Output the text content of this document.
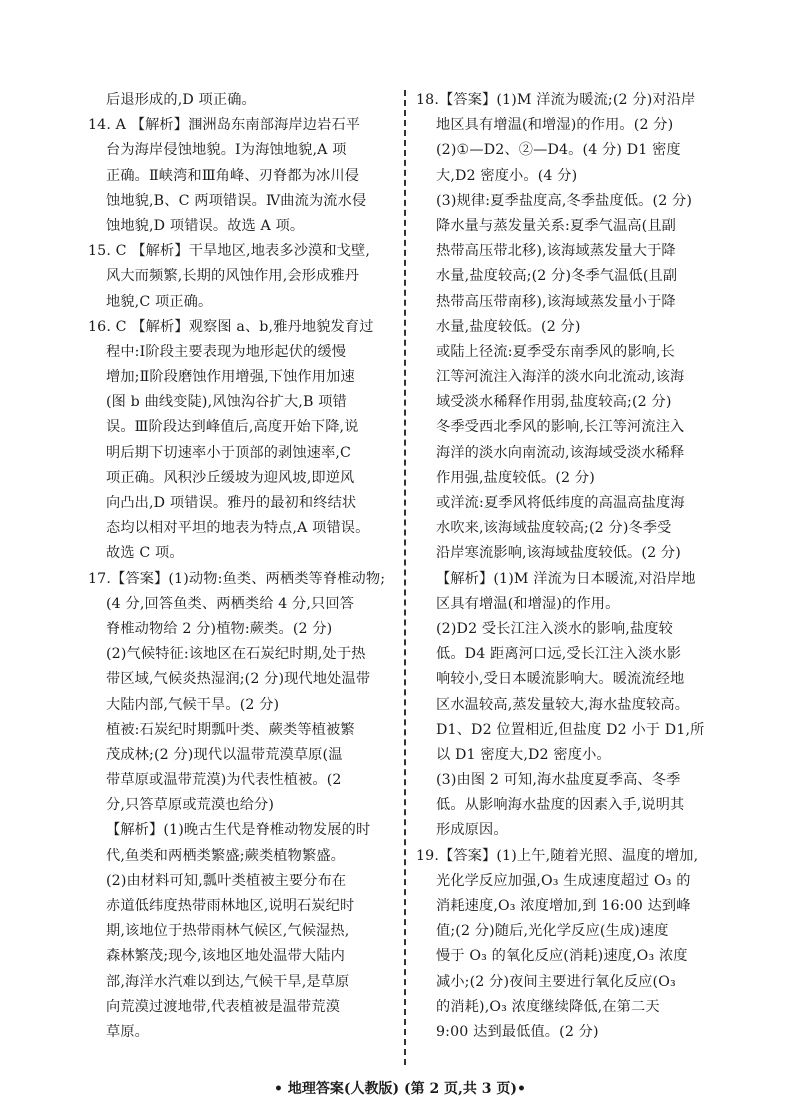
后退形成的,D 项正确。
14. A 【解析】涠洲岛东南部海岸边岩石平
台为海岸侵蚀地貌。Ⅰ为海蚀地貌,A 项
正确。Ⅱ峡湾和Ⅲ角峰、刃脊都为冰川侵
蚀地貌,B、C 两项错误。Ⅳ曲流为流水侵
蚀地貌,D 项错误。故选 A 项。
15. C 【解析】干旱地区,地表多沙漠和戈壁,
风大而频繁,长期的风蚀作用,会形成雅丹
地貌,C 项正确。
16. C 【解析】观察图 a、b,雅丹地貌发育过
程中:Ⅰ阶段主要表现为地形起伏的缓慢
增加;Ⅱ阶段磨蚀作用增强,下蚀作用加速
(图 b 曲线变陡),风蚀沟谷扩大,B 项错
误。Ⅲ阶段达到峰值后,高度开始下降,说
明后期下切速率小于顶部的剥蚀速率,C
项正确。风积沙丘缓坡为迎风坡,即逆风
向凸出,D 项错误。雅丹的最初和终结状
态均以相对平坦的地表为特点,A 项错误。
故选 C 项。
17.【答案】(1)动物:鱼类、两栖类等脊椎动物;
(4 分,回答鱼类、两栖类给 4 分,只回答
脊椎动物给 2 分)植物:蕨类。(2 分)
(2)气候特征:该地区在石炭纪时期,处于热
带区域,气候炎热湿润;(2 分)现代地处温带
大陆内部,气候干旱。(2 分)
植被:石炭纪时期瓢叶类、蕨类等植被繁
茂成林;(2 分)现代以温带荒漠草原(温
带草原或温带荒漠)为代表性植被。(2
分,只答草原或荒漠也给分)
【解析】(1)晚古生代是脊椎动物发展的时
代,鱼类和两栖类繁盛;蕨类植物繁盛。
(2)由材料可知,瓢叶类植被主要分布在
赤道低纬度热带雨林地区,说明石炭纪时
期,该地位于热带雨林气候区,气候湿热,
森林繁茂;现今,该地区地处温带大陆内
部,海洋水汽难以到达,气候干旱,是草原
向荒漠过渡地带,代表植被是温带荒漠
草原。
18.【答案】(1)M 洋流为暖流;(2 分)对沿岸
地区具有增温(和增湿)的作用。(2 分)
(2)①—D2、②—D4。(4 分) D1 密度
大,D2 密度小。(4 分)
(3)规律:夏季盐度高,冬季盐度低。(2 分)
降水量与蒸发量关系:夏季气温高(且副
热带高压带北移),该海域蒸发量大于降
水量,盐度较高;(2 分)冬季气温低(且副
热带高压带南移),该海域蒸发量小于降
水量,盐度较低。(2 分)
或陆上径流:夏季受东南季风的影响,长
江等河流注入海洋的淡水向北流动,该海
域受淡水稀释作用弱,盐度较高;(2 分)
冬季受西北季风的影响,长江等河流注入
海洋的淡水向南流动,该海域受淡水稀释
作用强,盐度较低。(2 分)
或洋流:夏季风将低纬度的高温高盐度海
水吹来,该海域盐度较高;(2 分)冬季受
沿岸寒流影响,该海域盐度较低。(2 分)
【解析】(1)M 洋流为日本暖流,对沿岸地
区具有增温(和增湿)的作用。
(2)D2 受长江注入淡水的影响,盐度较
低。D4 距离河口远,受长江注入淡水影
响较小,受日本暖流影响大。暖流流经地
区水温较高,蒸发量较大,海水盐度较高。
D1、D2 位置相近,但盐度 D2 小于 D1,所
以 D1 密度大,D2 密度小。
(3)由图 2 可知,海水盐度夏季高、冬季
低。从影响海水盐度的因素入手,说明其
形成原因。
19.【答案】(1)上午,随着光照、温度的增加,
光化学反应加强,O₃ 生成速度超过 O₃ 的
消耗速度,O₃ 浓度增加,到 16:00 达到峰
值;(2 分)随后,光化学反应(生成)速度
慢于 O₃ 的氧化反应(消耗)速度,O₃ 浓度
减小;(2 分)夜间主要进行氧化反应(O₃
的消耗),O₃ 浓度继续降低,在第二天
9:00 达到最低值。(2 分)
• 地理答案(人教版) (第 2 页,共 3 页)•
